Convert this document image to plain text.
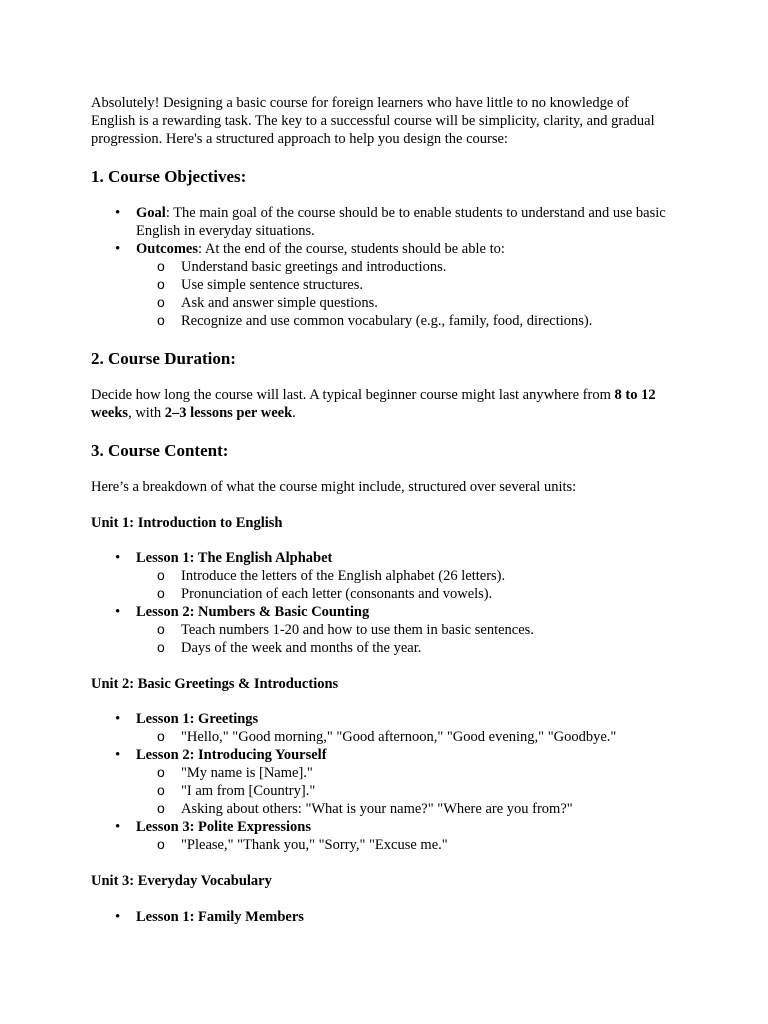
Absolutely! Designing a basic course for foreign learners who have little to no knowledge of English is a rewarding task. The key to a successful course will be simplicity, clarity, and gradual progression. Here's a structured approach to help you design the course:

1. Course Objectives:
• Goal: The main goal of the course should be to enable students to understand and use basic English in everyday situations.
• Outcomes: At the end of the course, students should be able to:
o Understand basic greetings and introductions.
o Use simple sentence structures.
o Ask and answer simple questions.
o Recognize and use common vocabulary (e.g., family, food, directions).
2. Course Duration:

Decide how long the course will last. A typical beginner course might last anywhere from 8 to 12 weeks, with 2–3 lessons per week.

3. Course Content:

Here’s a breakdown of what the course might include, structured over several units:

Unit 1: Introduction to English

• Lesson 1: The English Alphabet
o Introduce the letters of the English alphabet (26 letters).
o Pronunciation of each letter (consonants and vowels).
• Lesson 2: Numbers & Basic Counting
o Teach numbers 1-20 and how to use them in basic sentences.
o Days of the week and months of the year.

Unit 2: Basic Greetings & Introductions

• Lesson 1: Greetings
o "Hello," "Good morning," "Good afternoon," "Good evening," "Goodbye."
• Lesson 2: Introducing Yourself
o "My name is [Name]."
o "I am from [Country]."
o Asking about others: "What is your name?" "Where are you from?"
• Lesson 3: Polite Expressions
o "Please," "Thank you," "Sorry," "Excuse me."

Unit 3: Everyday Vocabulary

• Lesson 1: Family Members
